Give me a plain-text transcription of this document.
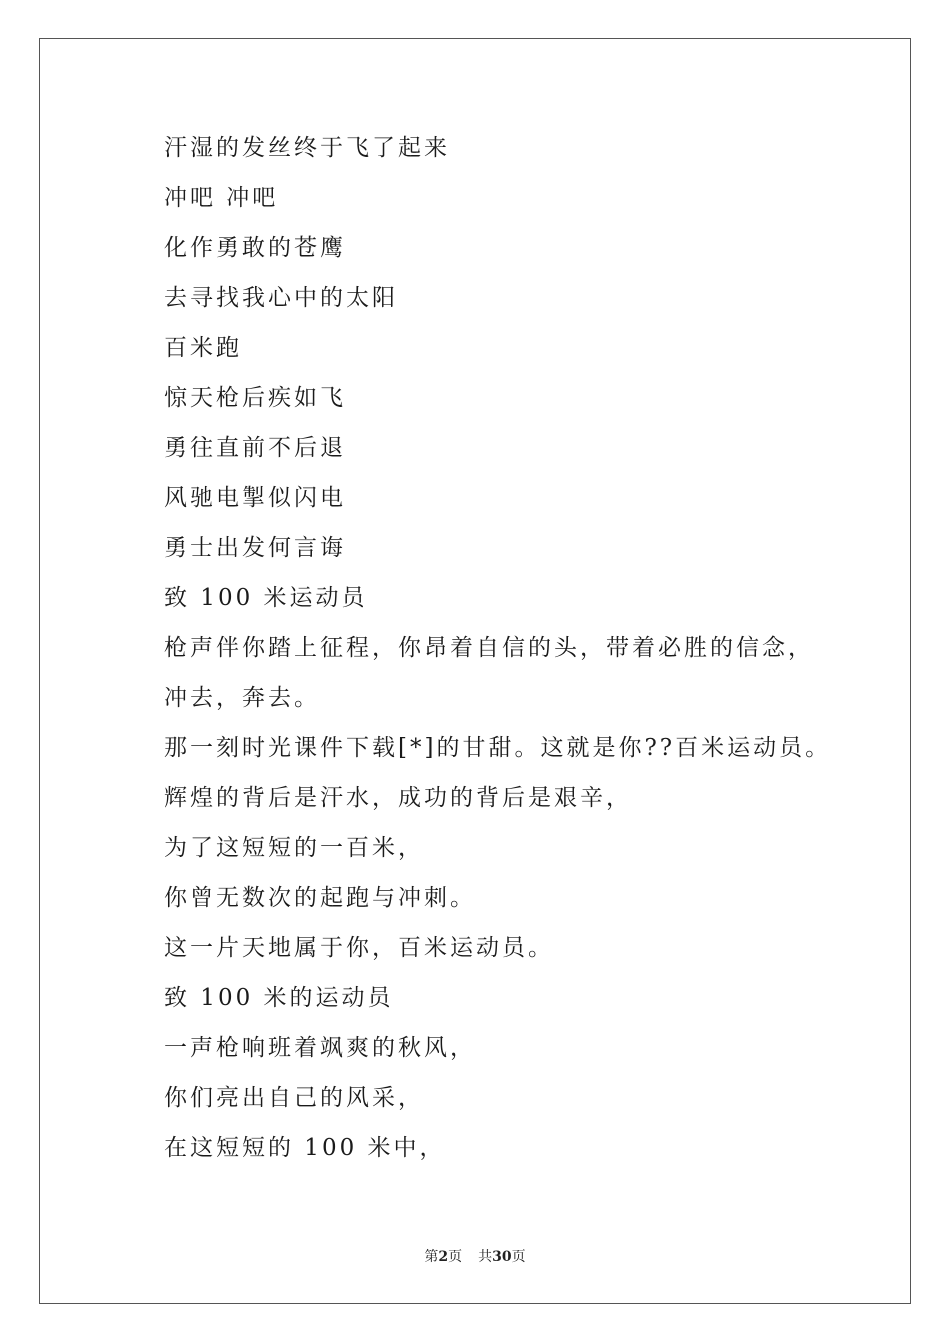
汗湿的发丝终于飞了起来
冲吧 冲吧
化作勇敢的苍鹰
去寻找我心中的太阳
百米跑
惊天枪后疾如飞
勇往直前不后退
风驰电掣似闪电
勇士出发何言诲
致 100 米运动员
枪声伴你踏上征程，你昂着自信的头，带着必胜的信念，
冲去，奔去。
那一刻时光课件下载[*]的甘甜。这就是你??百米运动员。
辉煌的背后是汗水，成功的背后是艰辛，
为了这短短的一百米，
你曾无数次的起跑与冲刺。
这一片天地属于你，百米运动员。
致 100 米的运动员
一声枪响班着飒爽的秋风，
你们亮出自己的风采，
在这短短的 100 米中，
第2页 共30页
